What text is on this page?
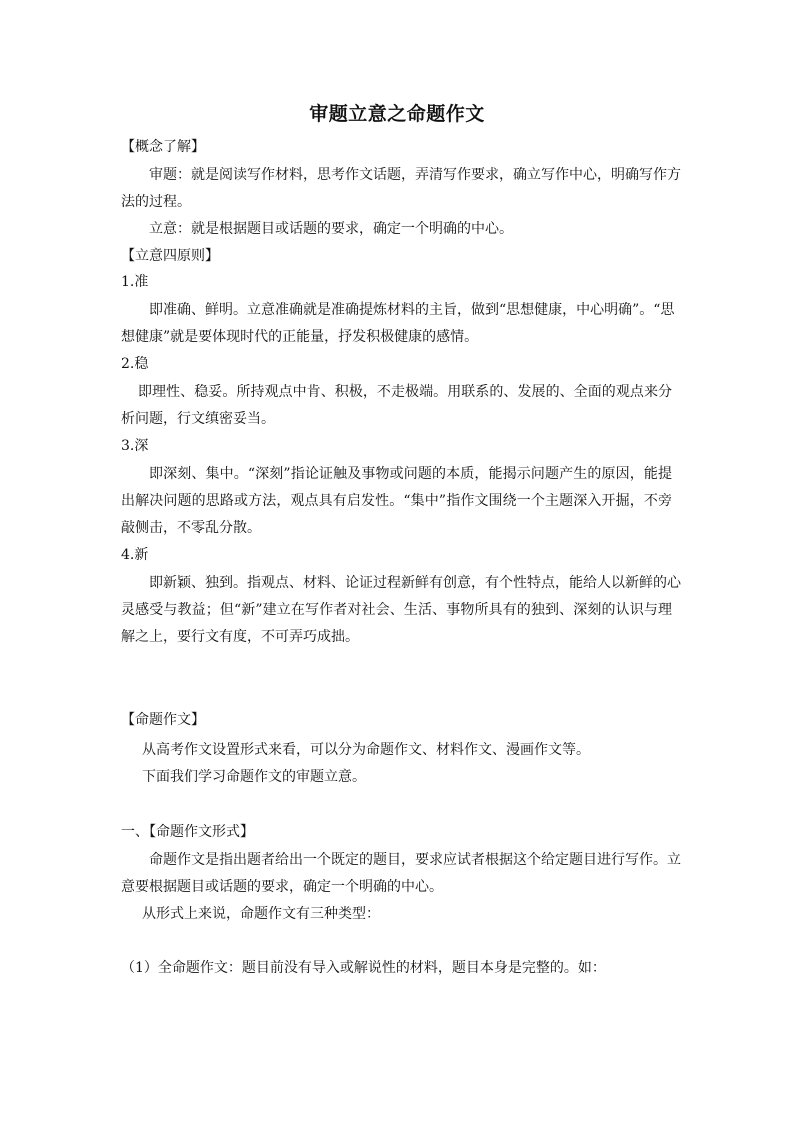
审题立意之命题作文
【概念了解】
审题：就是阅读写作材料，思考作文话题，弄清写作要求，确立写作中心，明确写作方
法的过程。
立意：就是根据题目或话题的要求，确定一个明确的中心。
【立意四原则】
1.准
即准确、鲜明。立意准确就是准确提炼材料的主旨，做到“思想健康，中心明确”。“思
想健康”就是要体现时代的正能量，抒发积极健康的感情。
2.稳
即理性、稳妥。所持观点中肯、积极，不走极端。用联系的、发展的、全面的观点来分
析问题，行文缜密妥当。
3.深
即深刻、集中。“深刻”指论证触及事物或问题的本质，能揭示问题产生的原因，能提
出解决问题的思路或方法，观点具有启发性。“集中”指作文围绕一个主题深入开掘，不旁
敲侧击，不零乱分散。
4.新
即新颖、独到。指观点、材料、论证过程新鲜有创意，有个性特点，能给人以新鲜的心
灵感受与教益；但“新”建立在写作者对社会、生活、事物所具有的独到、深刻的认识与理
解之上，要行文有度，不可弄巧成拙。
【命题作文】
从高考作文设置形式来看，可以分为命题作文、材料作文、漫画作文等。
下面我们学习命题作文的审题立意。
一、【命题作文形式】
命题作文是指出题者给出一个既定的题目，要求应试者根据这个给定题目进行写作。立
意要根据题目或话题的要求，确定一个明确的中心。
从形式上来说，命题作文有三种类型：
（1）全命题作文：题目前没有导入或解说性的材料，题目本身是完整的。如：
